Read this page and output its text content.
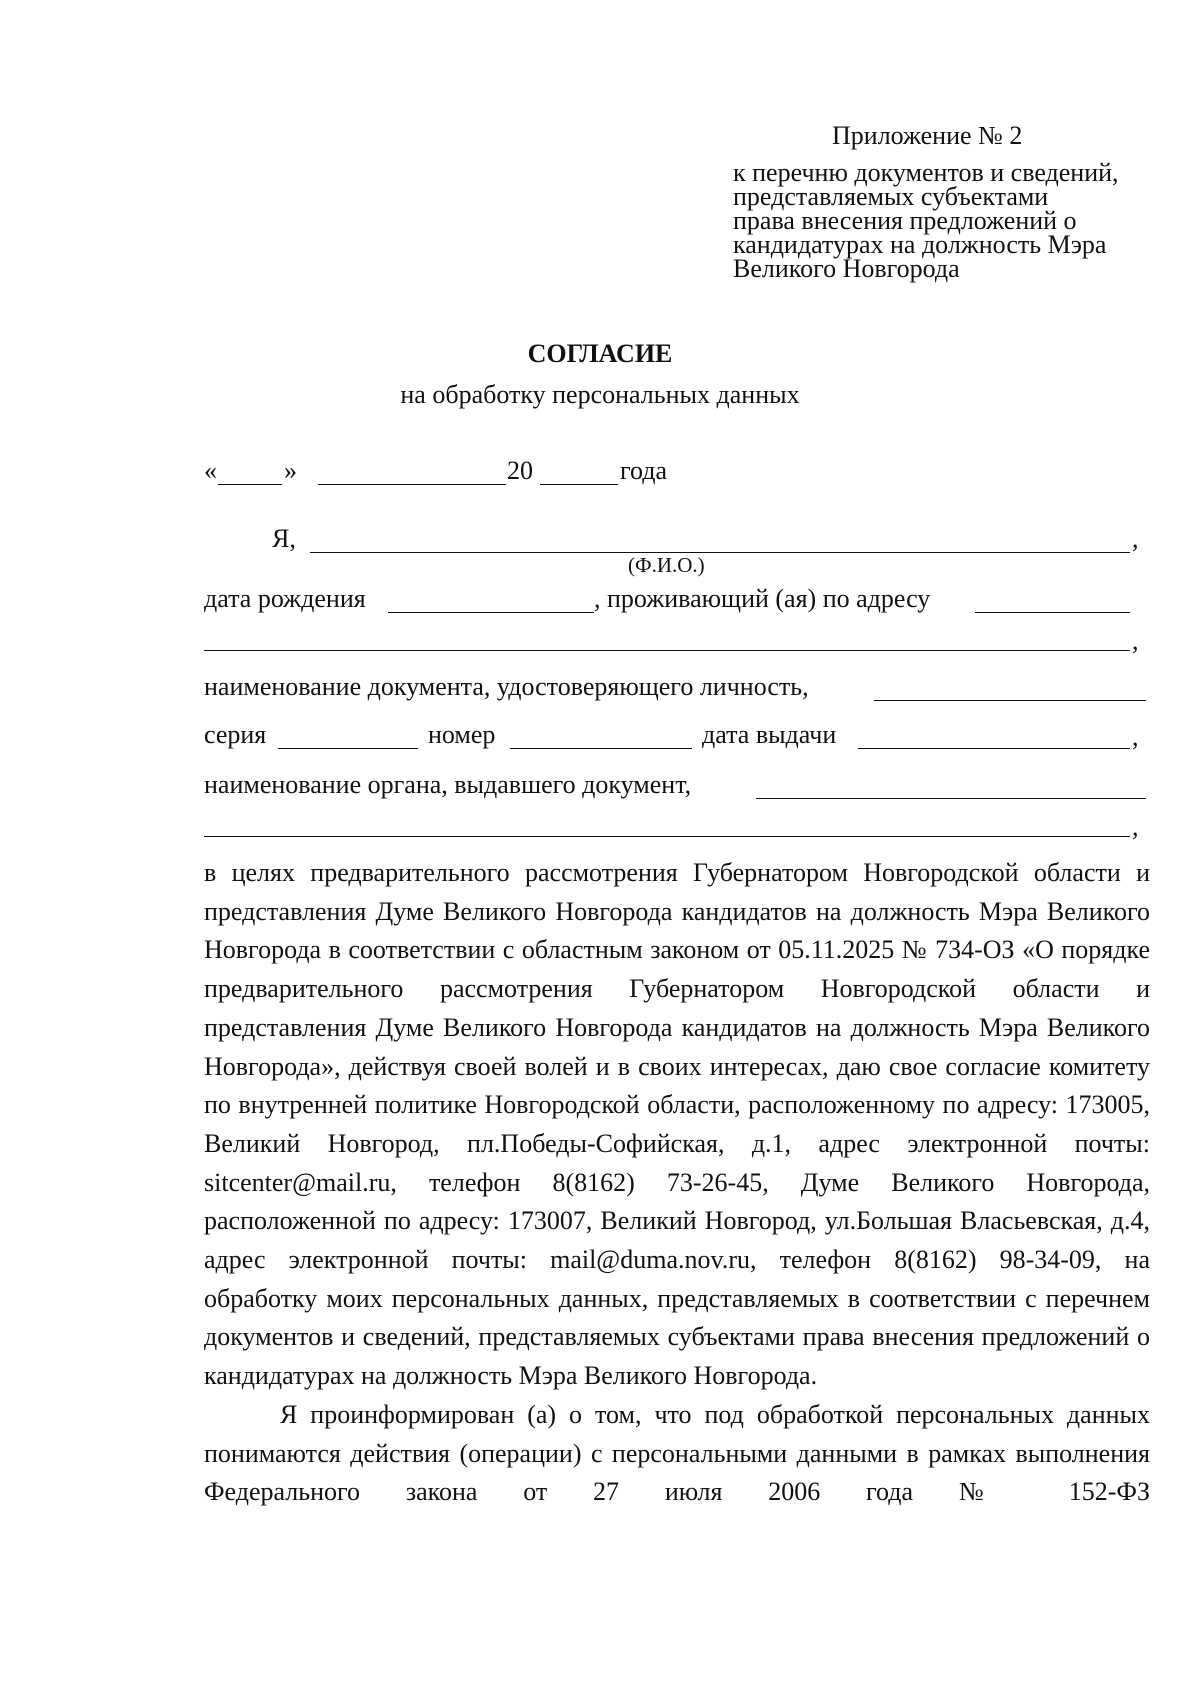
Приложение № 2
к перечню документов и сведений,
представляемых субъектами
права внесения предложений о
кандидатурах на должность Мэра
Великого Новгорода
СОГЛАСИЕ
на обработку персональных данных
«	»	20	года
Я,	,
(Ф.И.О.)
дата рождения	, проживающий (ая) по адресу
,
наименование документа, удостоверяющего личность,
серия	номер	дата выдачи	,
наименование органа, выдавшего документ,
,

в целях предварительного рассмотрения Губернатором Новгородской области и представления Думе Великого Новгорода кандидатов на должность Мэра Великого Новгорода в соответствии с областным законом от 05.11.2025 № 734-ОЗ «О порядке предварительного рассмотрения Губернатором Новгородской области и представления Думе Великого Новгорода кандидатов на должность Мэра Великого Новгорода», действуя своей волей и в своих интересах, даю свое согласие комитету по внутренней политике Новгородской области, расположенному по адресу: 173005, Великий Новгород, пл.Победы-Софийская, д.1, адрес электронной почты: sitcenter@mail.ru, телефон 8(8162) 73-26-45, Думе Великого Новгорода, расположенной по адресу: 173007, Великий Новгород, ул.Большая Власьевская, д.4, адрес электронной почты: mail@duma.nov.ru, телефон 8(8162) 98-34-09, на обработку моих персональных данных, представляемых в соответствии с перечнем документов и сведений, представляемых субъектами права внесения предложений о кандидатурах на должность Мэра Великого Новгорода.

Я проинформирован (а) о том, что под обработкой персональных данных понимаются действия (операции) с персональными данными в рамках выполнения Федерального закона от 27 июля 2006 года № 152-ФЗ
